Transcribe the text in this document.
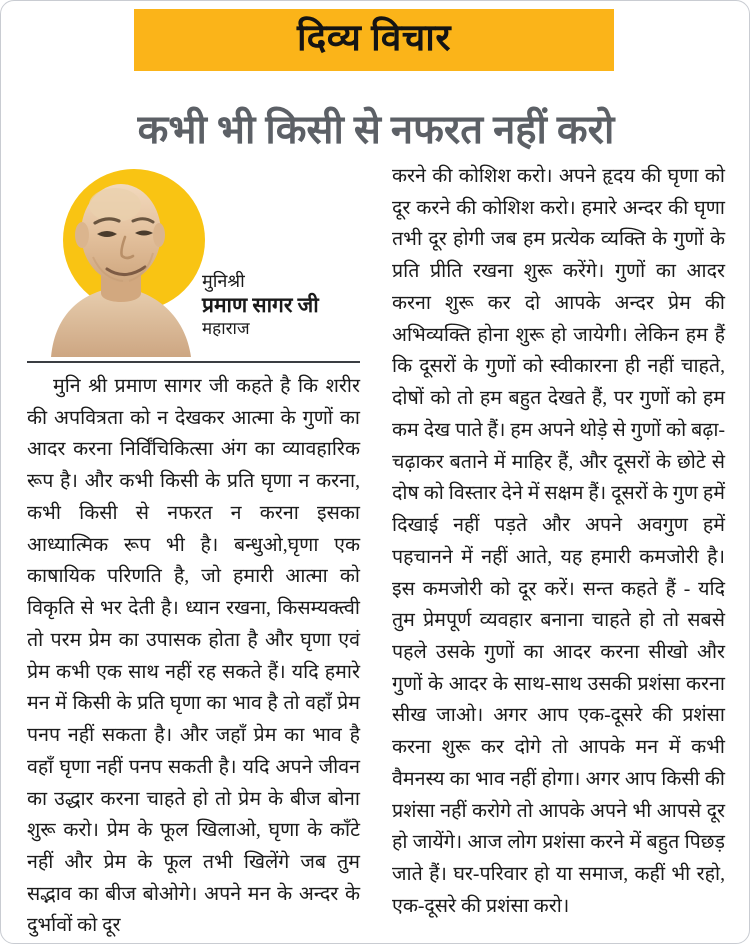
दिव्य विचार
कभी भी किसी से नफरत नहीं करो
मुनिश्री
प्रमाण सागर जी
महाराज

मुनि श्री प्रमाण सागर जी कहते है कि शरीर की अपवित्रता को न देखकर आत्मा के गुणों का आदर करना निर्विंचिकित्सा अंग का व्यावहारिक रूप है। और कभी किसी के प्रति घृणा न करना, कभी किसी से नफरत न करना इसका आध्यात्मिक रूप भी है। बन्धुओ,घृणा एक काषायिक परिणति है, जो हमारी आत्मा को विकृति से भर देती है। ध्यान रखना, किसम्यक्त्वी तो परम प्रेम का उपासक होता है और घृणा एवं प्रेम कभी एक साथ नहीं रह सकते हैं। यदि हमारे मन में किसी के प्रति घृणा का भाव है तो वहाँ प्रेम पनप नहीं सकता है। और जहाँ प्रेम का भाव है वहाँ घृणा नहीं पनप सकती है। यदि अपने जीवन का उद्धार करना चाहते हो तो प्रेम के बीज बोना शुरू करो। प्रेम के फूल खिलाओ, घृणा के काँटे नहीं और प्रेम के फूल तभी खिलेंगे जब तुम सद्भाव का बीज बोओगे। अपने मन के अन्दर के दुर्भावों को दूर

करने की कोशिश करो। अपने हृदय की घृणा को दूर करने की कोशिश करो। हमारे अन्दर की घृणा तभी दूर होगी जब हम प्रत्येक व्यक्ति के गुणों के प्रति प्रीति रखना शुरू करेंगे। गुणों का आदर करना शुरू कर दो आपके अन्दर प्रेम की अभिव्यक्ति होना शुरू हो जायेगी। लेकिन हम हैं कि दूसरों के गुणों को स्वीकारना ही नहीं चाहते, दोषों को तो हम बहुत देखते हैं, पर गुणों को हम कम देख पाते हैं। हम अपने थोड़े से गुणों को बढ़ा-चढ़ाकर बताने में माहिर हैं, और दूसरों के छोटे से दोष को विस्तार देने में सक्षम हैं। दूसरों के गुण हमें दिखाई नहीं पड़ते और अपने अवगुण हमें पहचानने में नहीं आते, यह हमारी कमजोरी है। इस कमजोरी को दूर करें। सन्त कहते हैं - यदि तुम प्रेमपूर्ण व्यवहार बनाना चाहते हो तो सबसे पहले उसके गुणों का आदर करना सीखो और गुणों के आदर के साथ-साथ उसकी प्रशंसा करना सीख जाओ। अगर आप एक-दूसरे की प्रशंसा करना शुरू कर दोगे तो आपके मन में कभी वैमनस्य का भाव नहीं होगा। अगर आप किसी की प्रशंसा नहीं करोगे तो आपके अपने भी आपसे दूर हो जायेंगे। आज लोग प्रशंसा करने में बहुत पिछड़ जाते हैं। घर-परिवार हो या समाज, कहीं भी रहो, एक-दूसरे की प्रशंसा करो।
